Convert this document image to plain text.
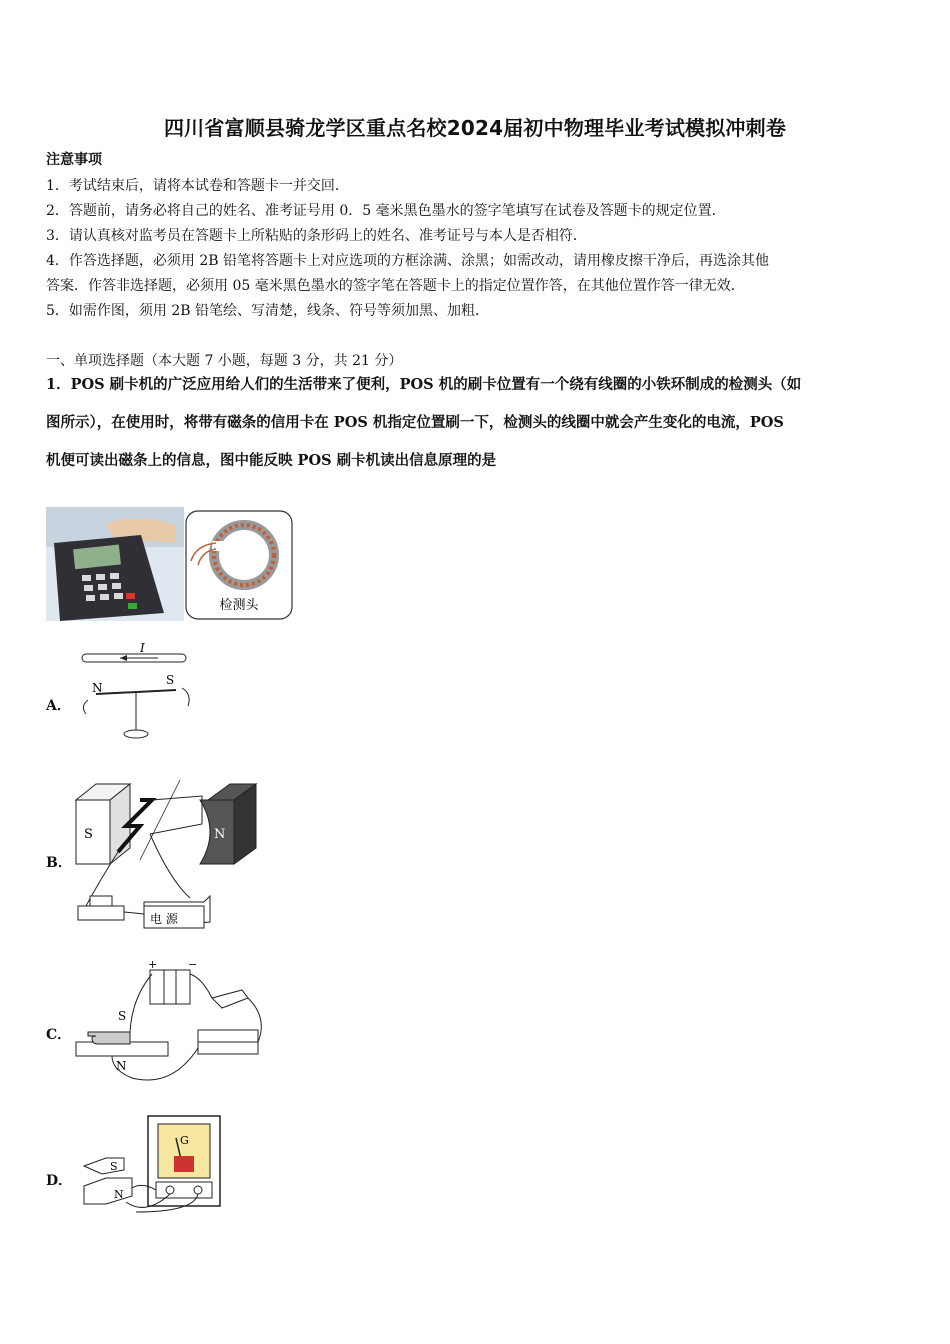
四川省富顺县骑龙学区重点名校2024届初中物理毕业考试模拟冲刺卷
注意事项
1．考试结束后，请将本试卷和答题卡一并交回．
2．答题前，请务必将自己的姓名、准考证号用 0．5 毫米黑色墨水的签字笔填写在试卷及答题卡的规定位置．
3．请认真核对监考员在答题卡上所粘贴的条形码上的姓名、准考证号与本人是否相符．
4．作答选择题，必须用 2B 铅笔将答题卡上对应选项的方框涂满、涂黑；如需改动，请用橡皮擦干净后，再选涂其他
答案．作答非选择题，必须用 05 毫米黑色墨水的签字笔在答题卡上的指定位置作答，在其他位置作答一律无效．
5．如需作图，须用 2B 铅笔绘、写清楚，线条、符号等须加黑、加粗．
一、单项选择题（本大题 7 小题，每题 3 分，共 21 分）
1．POS 刷卡机的广泛应用给人们的生活带来了便利，POS 机的刷卡位置有一个绕有线圈的小铁环制成的检测头（如
图所示），在使用时，将带有磁条的信用卡在 POS 机指定位置刷一下，检测头的线圈中就会产生变化的电流，POS
机便可读出磁条上的信息，图中能反映 POS 刷卡机读出信息原理的是
检测头
A．
I
N
S
B．
S	N
电 源
C．
+	−
S
N
D．
G
S
N
